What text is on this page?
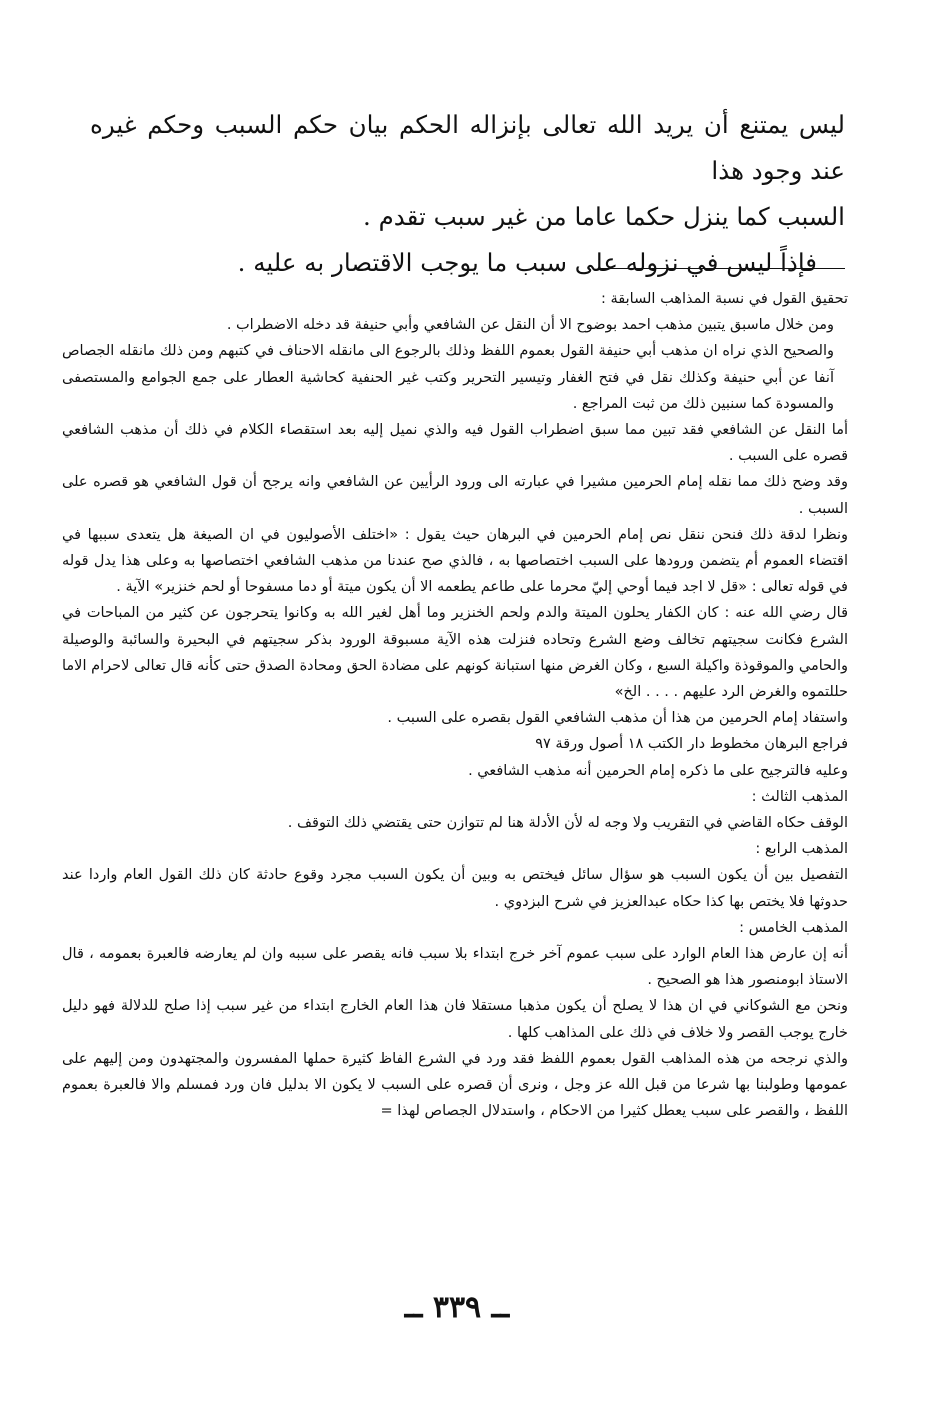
ليس يمتنع أن يريد الله تعالى بإنزاله الحكم بيان حكم السبب وحكم غيره عند وجود هذا

السبب كما ينزل حكما عاما من غير سبب تقدم .

فإذاً ليس في نزوله على سبب ما يوجب الاقتصار به عليه .

تحقيق القول في نسبة المذاهب السابقة :

ومن خلال ماسبق يتبين مذهب احمد بوضوح الا أن النقل عن الشافعي وأبي حنيفة قد دخله الاضطراب .

والصحيح الذي نراه ان مذهب أبي حنيفة القول بعموم اللفظ وذلك بالرجوع الى مانقله الاحناف في كتبهم ومن ذلك مانقله الجصاص آنفا عن أبي حنيفة وكذلك نقل في فتح الغفار وتيسير التحرير وكتب غير الحنفية كحاشية العطار على جمع الجوامع والمستصفى والمسودة كما سنبين ذلك من ثبت المراجع .

أما النقل عن الشافعي فقد تبين مما سبق اضطراب القول فيه والذي نميل إليه بعد استقصاء الكلام في ذلك أن مذهب الشافعي قصره على السبب .

وقد وضح ذلك مما نقله إمام الحرمين مشيرا في عبارته الى ورود الرأيين عن الشافعي وانه يرجح أن قول الشافعي هو قصره على السبب .

ونظرا لدقة ذلك فنحن ننقل نص إمام الحرمين في البرهان حيث يقول : «اختلف الأصوليون في ان الصيغة هل يتعدى سببها في اقتضاء العموم أم يتضمن ورودها على السبب اختصاصها به ، فالذي صح عندنا من مذهب الشافعي اختصاصها به وعلى هذا يدل قوله في قوله تعالى : «قل لا اجد فيما أوحي إليّ محرما على طاعم يطعمه الا أن يكون ميتة أو دما مسفوحا أو لحم خنزير» الآية .

قال رضي الله عنه : كان الكفار يحلون الميتة والدم ولحم الخنزير وما أهل لغير الله به وكانوا يتحرجون عن كثير من المباحات في الشرع فكانت سجيتهم تخالف وضع الشرع وتحاده فنزلت هذه الآية مسبوقة الورود بذكر سجيتهم في البحيرة والسائبة والوصيلة والحامي والموقوذة واكيلة السبع ، وكان الغرض منها استبانة كونهم على مضادة الحق ومحادة الصدق حتى كأنه قال تعالى لاحرام الاما حللتموه والغرض الرد عليهم . . . . الخ»

واستفاد إمام الحرمين من هذا أن مذهب الشافعي القول بقصره على السبب .

فراجع البرهان مخطوط دار الكتب ١٨ أصول ورقة ٩٧

وعليه فالترجيح على ما ذكره إمام الحرمين أنه مذهب الشافعي .

المذهب الثالث :

الوقف حكاه القاضي في التقريب ولا وجه له لأن الأدلة هنا لم تتوازن حتى يقتضي ذلك التوقف .

المذهب الرابع :

التفصيل بين أن يكون السبب هو سؤال سائل فيختص به وبين أن يكون السبب مجرد وقوع حادثة كان ذلك القول العام واردا عند حدوثها فلا يختص بها كذا حكاه عبدالعزيز في شرح البزدوي .

المذهب الخامس :

أنه إن عارض هذا العام الوارد على سبب عموم آخر خرج ابتداء بلا سبب فانه يقصر على سببه وان لم يعارضه فالعبرة بعمومه ، قال الاستاذ ابومنصور هذا هو الصحيح .

ونحن مع الشوكاني في ان هذا لا يصلح أن يكون مذهبا مستقلا فان هذا العام الخارج ابتداء من غير سبب إذا صلح للدلالة فهو دليل خارج يوجب القصر ولا خلاف في ذلك على المذاهب كلها .

والذي نرجحه من هذه المذاهب القول بعموم اللفظ فقد ورد في الشرع الفاظ كثيرة حملها المفسرون والمجتهدون ومن إليهم على عمومها وطولبنا بها شرعا من قبل الله عز وجل ، ونرى أن قصره على السبب لا يكون الا بدليل فان ورد فمسلم والا فالعبرة بعموم اللفظ ، والقصر على سبب يعطل كثيرا من الاحكام ، واستدلال الجصاص لهذا =

ــ ٣٣٩ ــ
